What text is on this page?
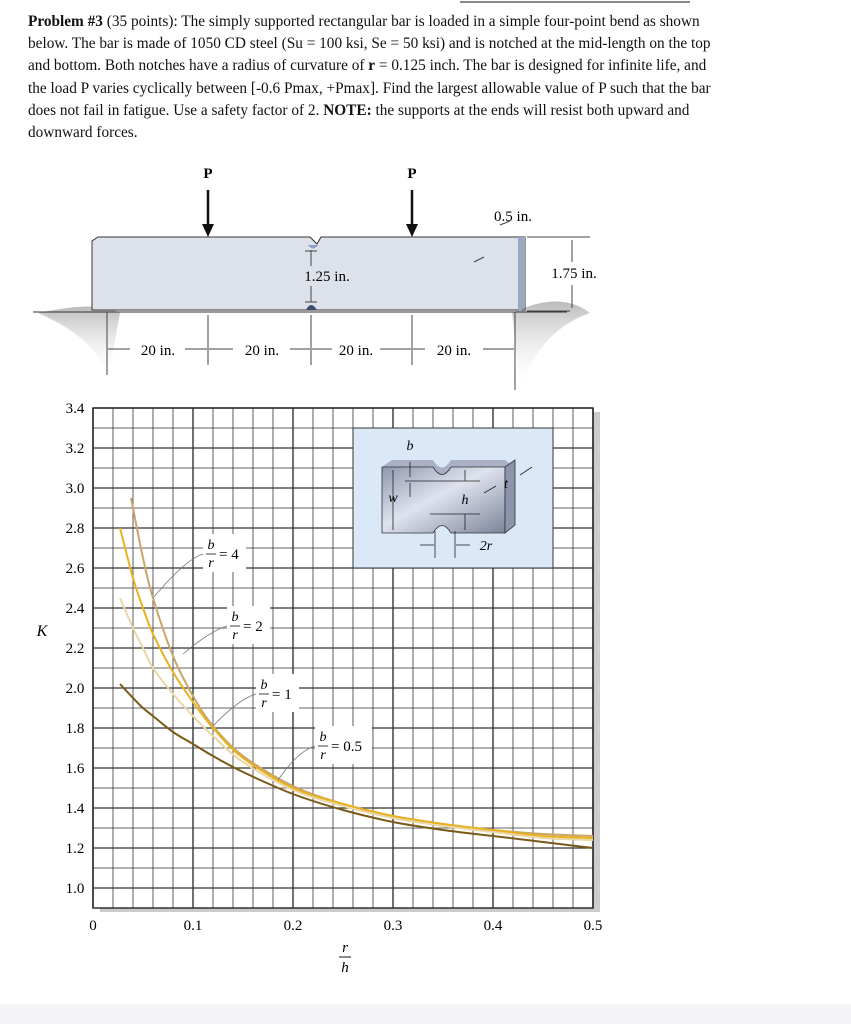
Problem #3 (35 points): The simply supported rectangular bar is loaded in a simple four-point bend as shown
below. The bar is made of 1050 CD steel (Su = 100 ksi, Se = 50 ksi) and is notched at the mid-length on the top
and bottom. Both notches have a radius of curvature of r = 0.125 inch. The bar is designed for infinite life, and
the load P varies cyclically between [-0.6 Pmax, +Pmax]. Find the largest allowable value of P such that the bar
does not fail in fatigue. Use a safety factor of 2. NOTE: the supports at the ends will resist both upward and
downward forces.
P	P
0.5 in.
1.75 in.
1.25 in.
20 in.	20 in.	20 in.	20 in.
b
w	h
t
2r
b
r
= 4
b
r
= 2
b
r
= 1
b
r
= 0.5
0	0.1	0.2	0.3	0.4	0.5
3.4
3.2
3.0
2.8
2.6
2.4
2.2
2.0
1.8
1.6
1.4
1.2
1.0
K
r
h
